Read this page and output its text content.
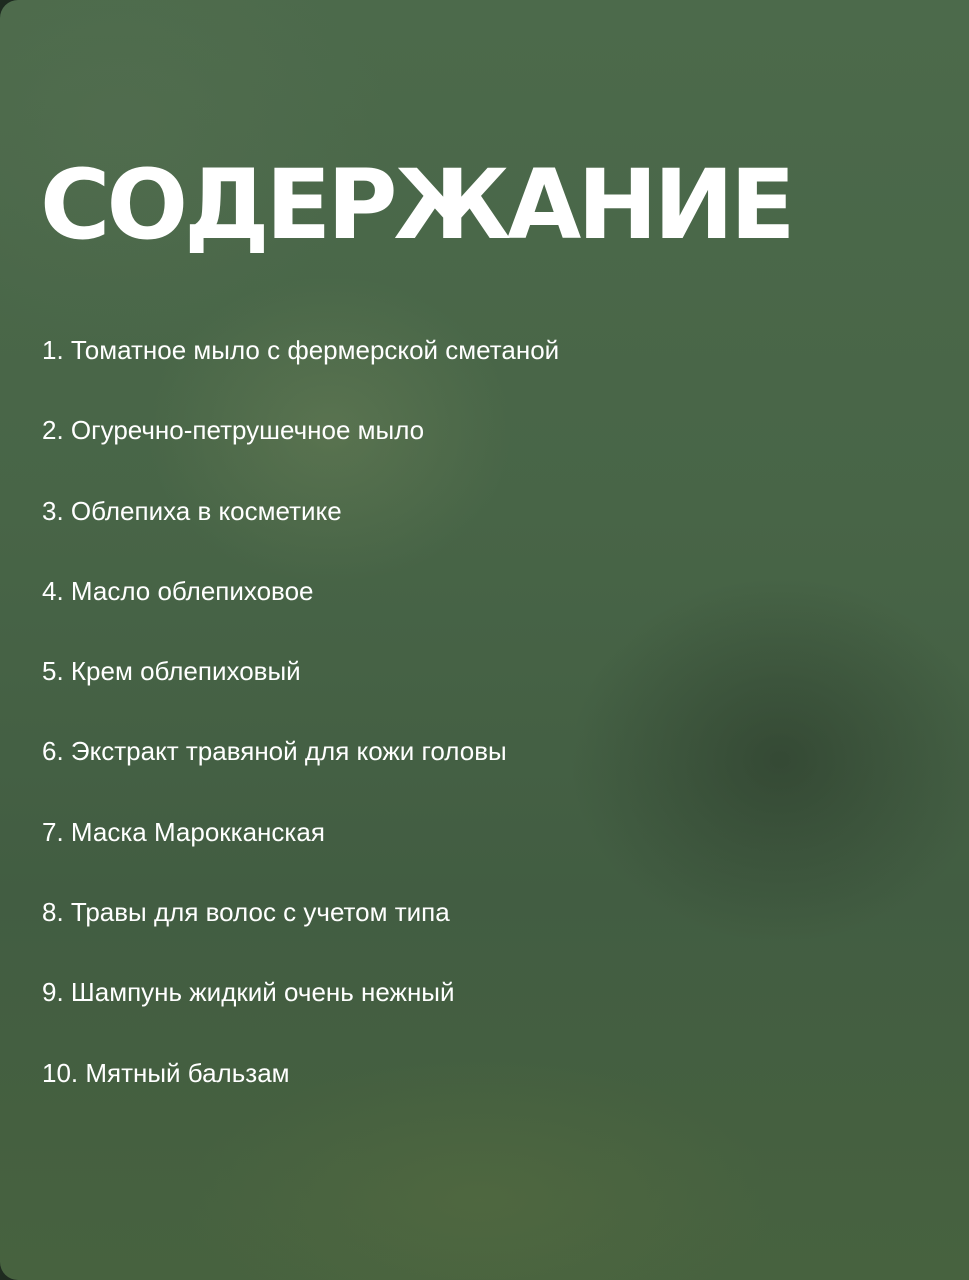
СОДЕРЖАНИЕ
1. Томатное мыло с фермерской сметаной
2. Огуречно-петрушечное мыло
3. Облепиха в косметике
4. Масло облепиховое
5. Крем облепиховый
6. Экстракт травяной для кожи головы
7. Маска Марокканская
8. Травы для волос с учетом типа
9. Шампунь жидкий очень нежный
10. Мятный бальзам
